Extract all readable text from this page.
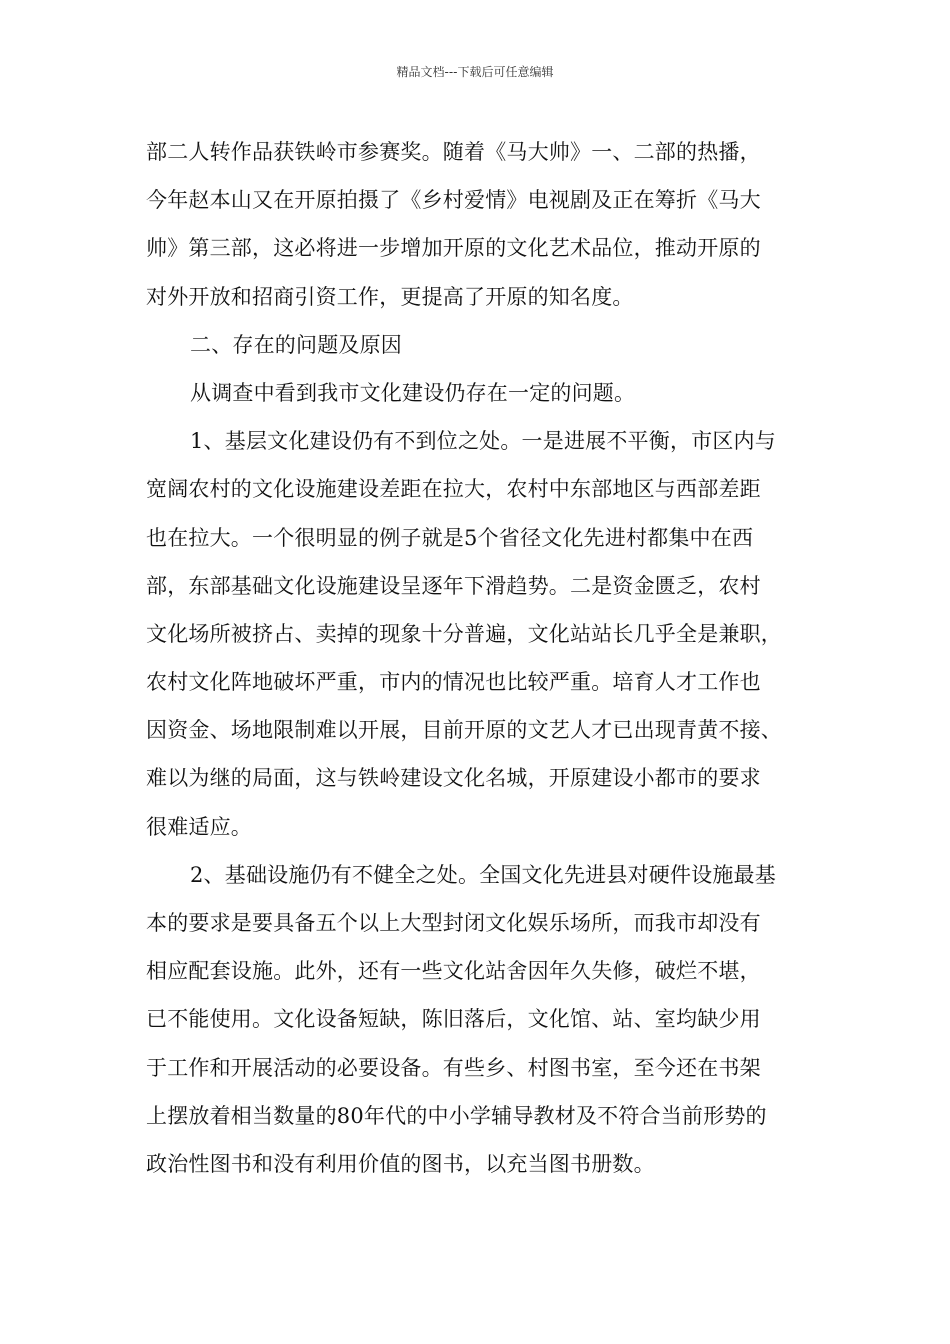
精品文档---下载后可任意编辑
部二人转作品获铁岭市参赛奖。随着《马大帅》一、二部的热播，
今年赵本山又在开原拍摄了《乡村爱情》电视剧及正在筹折《马大
帅》第三部，这必将进一步增加开原的文化艺术品位，推动开原的
对外开放和招商引资工作，更提高了开原的知名度。
二、存在的问题及原因
从调查中看到我市文化建设仍存在一定的问题。
1、基层文化建设仍有不到位之处。一是进展不平衡，市区内与
宽阔农村的文化设施建设差距在拉大，农村中东部地区与西部差距
也在拉大。一个很明显的例子就是5个省径文化先进村都集中在西
部，东部基础文化设施建设呈逐年下滑趋势。二是资金匮乏，农村
文化场所被挤占、卖掉的现象十分普遍，文化站站长几乎全是兼职，
农村文化阵地破坏严重，市内的情况也比较严重。培育人才工作也
因资金、场地限制难以开展，目前开原的文艺人才已出现青黄不接、
难以为继的局面，这与铁岭建设文化名城，开原建设小都市的要求
很难适应。
2、基础设施仍有不健全之处。全国文化先进县对硬件设施最基
本的要求是要具备五个以上大型封闭文化娱乐场所，而我市却没有
相应配套设施。此外，还有一些文化站舍因年久失修，破烂不堪，
已不能使用。文化设备短缺，陈旧落后，文化馆、站、室均缺少用
于工作和开展活动的必要设备。有些乡、村图书室，至今还在书架
上摆放着相当数量的80年代的中小学辅导教材及不符合当前形势的
政治性图书和没有利用价值的图书，以充当图书册数。
